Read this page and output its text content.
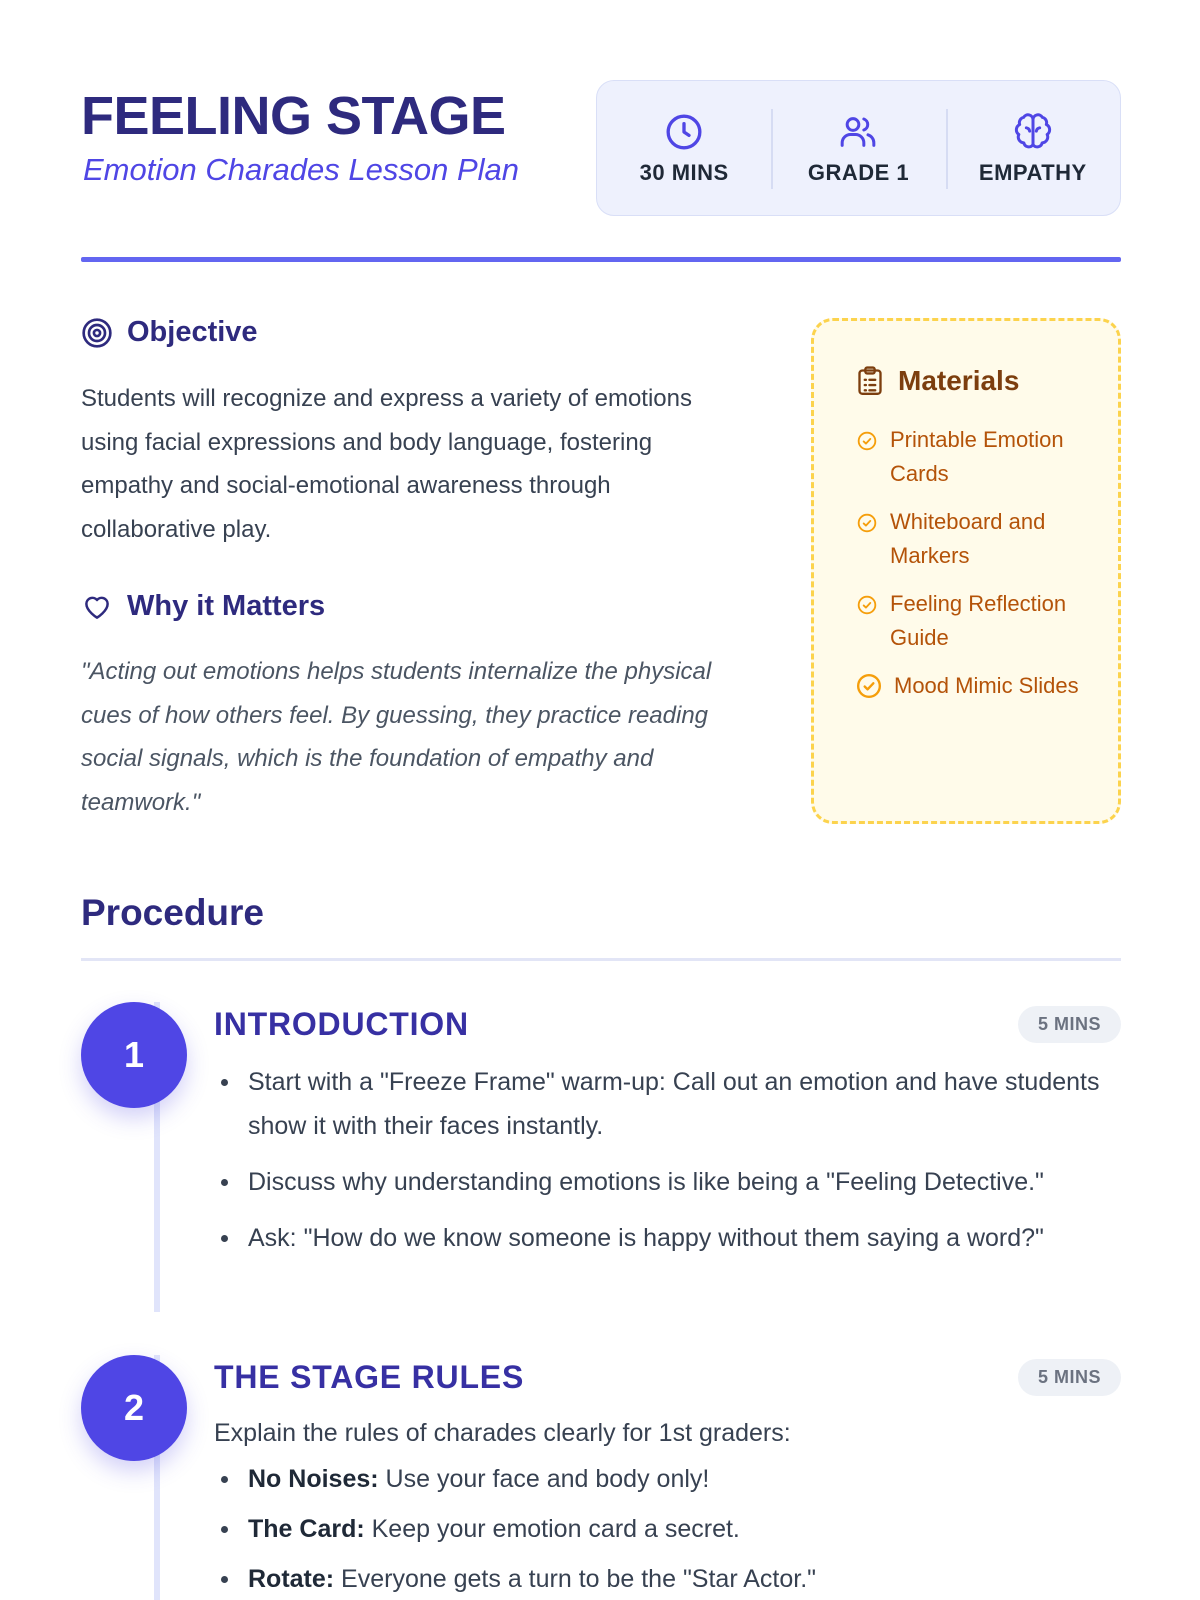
FEELING STAGE
Emotion Charades Lesson Plan	30 MINS	GRADE 1	EMPATHY
Objective
Students will recognize and express a variety of emotions using facial expressions and body language, fostering empathy and social-emotional awareness through collaborative play.
Why it Matters
"Acting out emotions helps students internalize the physical cues of how others feel. By guessing, they practice reading social signals, which is the foundation of empathy and teamwork."
Materials
Printable Emotion Cards
Whiteboard and Markers
Feeling Reflection Guide
Mood Mimic Slides
Procedure
1
INTRODUCTION	5 MINS
Start with a "Freeze Frame" warm-up: Call out an emotion and have students show it with their faces instantly.
Discuss why understanding emotions is like being a "Feeling Detective."
Ask: "How do we know someone is happy without them saying a word?"
2
THE STAGE RULES	5 MINS
Explain the rules of charades clearly for 1st graders:
No Noises: Use your face and body only!
The Card: Keep your emotion card a secret.
Rotate: Everyone gets a turn to be the "Star Actor."
